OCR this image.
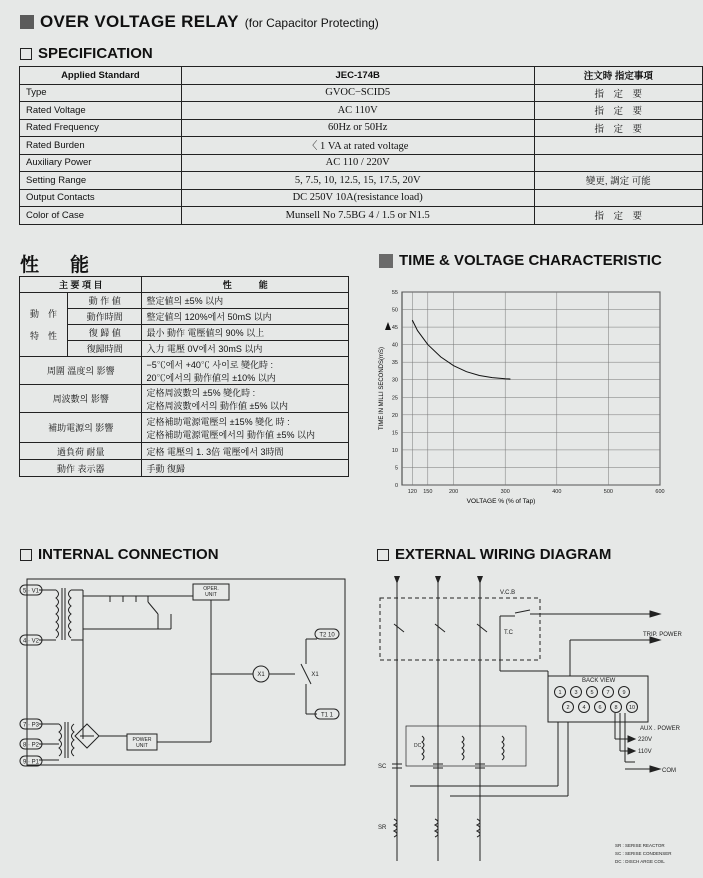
OVER VOLTAGE RELAY (for Capacitor Protecting)
SPECIFICATION
Applied Standard	JEC-174B	注文時 指定事項
Type	GVOC−SCID5	指　定　要
Rated Voltage	AC 110V	指　定　要
Rated Frequency	60Hz or 50Hz	指　定　要
Rated Burden	〈 1 VA at rated voltage	
Auxiliary Power	AC 110 / 220V	
Setting Range	5, 7.5, 10, 12.5, 15, 17.5, 20V	變更, 調定 可能
Output Contacts	DC 250V 10A(resistance load)	
Color of Case	Munsell No 7.5BG 4 / 1.5 or N1.5	指　定　要
性　能
主 要 項 目		性　　　能

動　作
特　性	動 作 値	整定値의 ±5% 以内
	動作時間	整定値의 120%에서 50mS 以内
	復 歸 値	最小 動作 電壓値의 90% 以上
	復歸時間	入力 電壓 0V에서 30mS 以内
周圍 溫度의 影響		−5℃에서 +40℃ 사이로 變化時 :
20℃에서의 動作値의 ±10% 以内

周波數의 影響		定格周波數의 ±5% 變化時 :
定格周波數에서의 動作値 ±5% 以内

補助電源의 影響		定格補助電源電壓의 ±15% 變化 時 :
定格補助電源電壓에서의 動作値 ±5% 以内

過負荷 耐量		定格 電壓의 1. 3倍 電壓에서 3時間
動作 表示器		手動 復歸
TIME & VOLTAGE CHARACTERISTIC
0
5
10
15
20
25
30
35
40
45
50
55
120 150	200	300	400	500	600
VOLTAGE % (% of Tap)
TIME IN MILLI SECONDS(mS)
INTERNAL CONNECTION
5 · V1
4 · V2
7 · P3
8 · P2
9 · P1
T2 10
T1 1
OPER. UNIT
POWER UNIT
X1	X1
EXTERNAL WIRING DIAGRAM
V.C.B
T.C	TRIP. POWER
BACK VIEW
AUX . POWER
220V
110V
COM
SC
SR
DC
1 3 5 7 9
2 4 6 8 10
SR : SERISE REACTOR
SC : SERISE CONDENSER
DC : DISCH ARGE COIL
